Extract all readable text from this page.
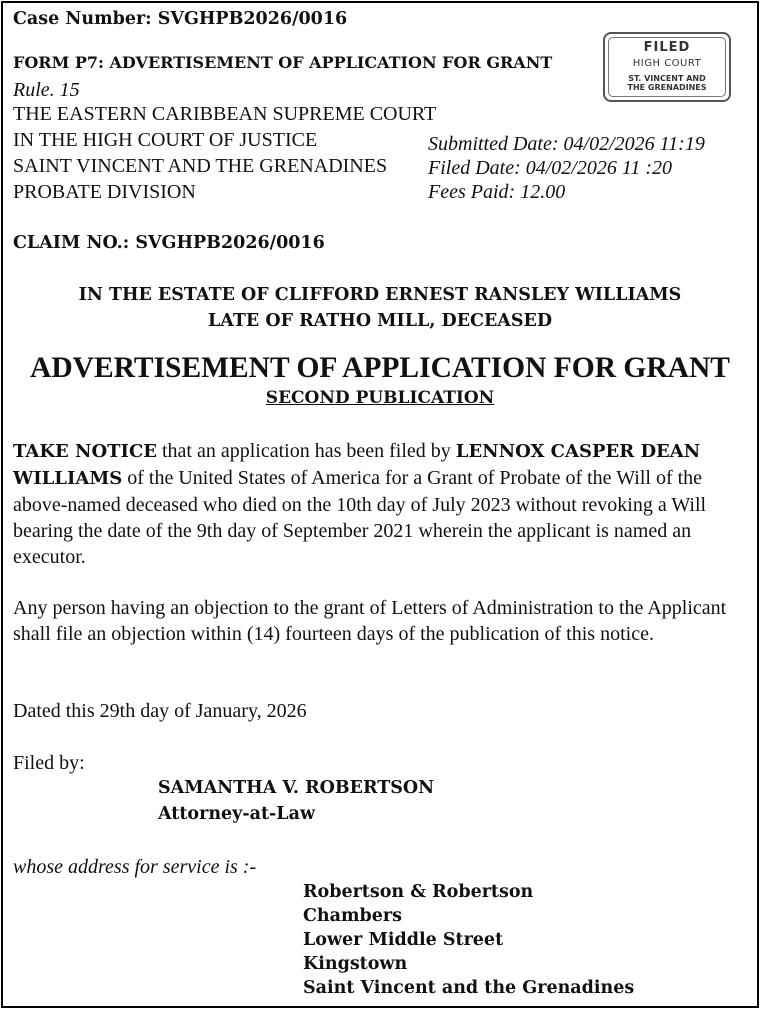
Case Number: SVGHPB2026/0016
FORM P7: ADVERTISEMENT OF APPLICATION FOR GRANT
Rule. 15
FILED
HIGH COURT
ST. VINCENT AND
THE GRENADINES
THE EASTERN CARIBBEAN SUPREME COURT
IN THE HIGH COURT OF JUSTICE
SAINT VINCENT AND THE GRENADINES
PROBATE DIVISION
Submitted Date: 04/02/2026 11:19
Filed Date: 04/02/2026 11 :20
Fees Paid: 12.00
CLAIM NO.: SVGHPB2026/0016
IN THE ESTATE OF CLIFFORD ERNEST RANSLEY WILLIAMS
LATE OF RATHO MILL, DECEASED
ADVERTISEMENT OF APPLICATION FOR GRANT
SECOND PUBLICATION
TAKE NOTICE that an application has been filed by LENNOX CASPER DEAN WILLIAMS of the United States of America for a Grant of Probate of the Will of the above-named deceased who died on the 10th day of July 2023 without revoking a Will bearing the date of the 9th day of September 2021 wherein the applicant is named an executor.
Any person having an objection to the grant of Letters of Administration to the Applicant shall file an objection within (14) fourteen days of the publication of this notice.
Dated this 29th day of January, 2026
Filed by:
SAMANTHA V. ROBERTSON
Attorney-at-Law
whose address for service is :-
Robertson & Robertson
Chambers
Lower Middle Street
Kingstown
Saint Vincent and the Grenadines
